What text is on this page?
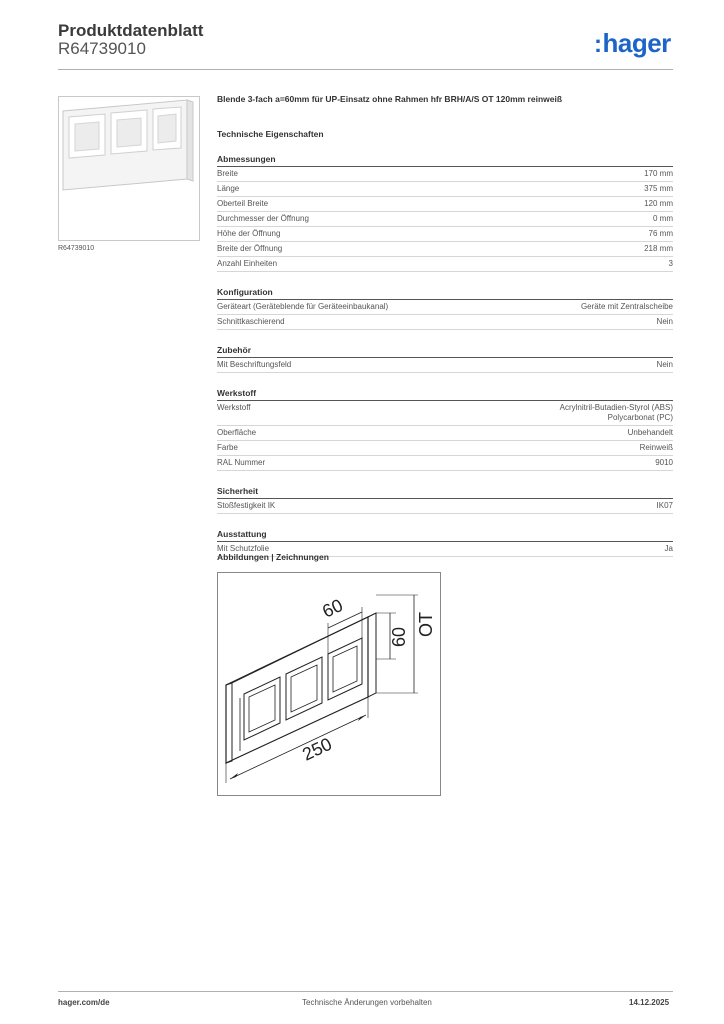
Produktdatenblatt
R64739010	:hager
R64739010
Blende 3-fach a=60mm für UP-Einsatz ohne Rahmen hfr BRH/A/S OT 120mm reinweiß
Technische Eigenschaften
Abmessungen
Breite	170 mm
Länge	375 mm
Oberteil Breite	120 mm
Durchmesser der Öffnung	0 mm
Höhe der Öffnung	76 mm
Breite der Öffnung	218 mm
Anzahl Einheiten	3
Konfiguration
Geräteart (Geräteblende für Geräteeinbaukanal)	Geräte mit Zentralscheibe
Schnittkaschierend	Nein
Zubehör
Mit Beschriftungsfeld	Nein
Werkstoff
Werkstoff	Acrylnitril-Butadien-Styrol (ABS)
Polycarbonat (PC)
Oberfläche	Unbehandelt
Farbe	Reinweiß
RAL Nummer	9010
Sicherheit
Stoßfestigkeit IK	IK07
Ausstattung
Mit Schutzfolie	Ja
Abbildungen | Zeichnungen
250
60
60 OT
hager.com/de	Technische Änderungen vorbehalten	14.12.2025
